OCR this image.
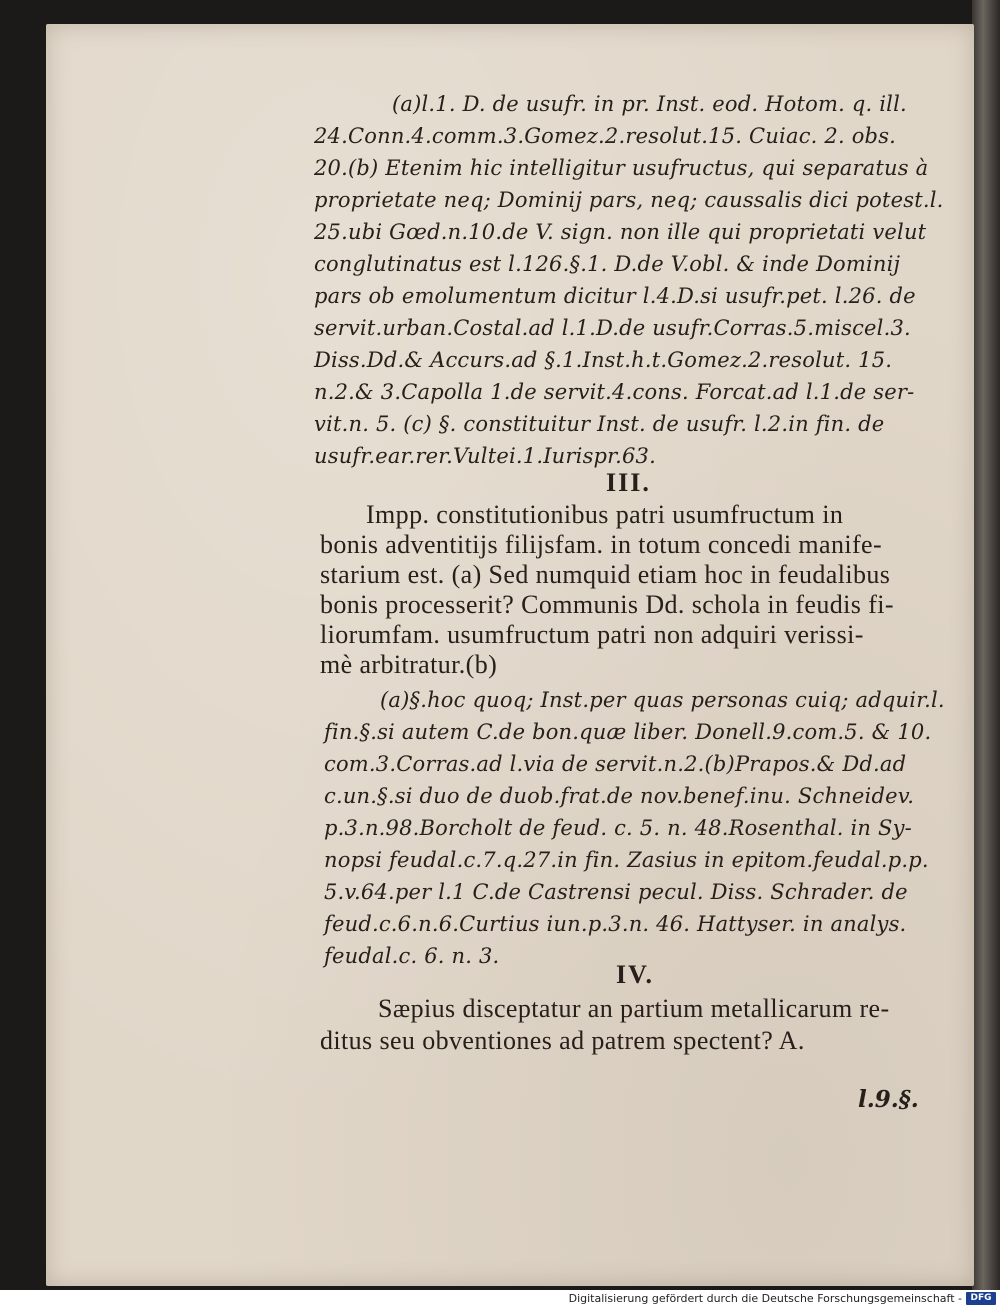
(a)l.1. D. de usufr. in pr. Inst. eod. Hotom. q. ill.
24.Conn.4.comm.3.Gomez.2.resolut.15. Cuiac. 2. obs.
20.(b) Etenim hic intelligitur usufructus, qui separatus à
proprietate neq; Dominij pars, neq; caussalis dici potest.l.
25.ubi Gœd.n.10.de V. sign. non ille qui proprietati velut
conglutinatus est l.126.§.1. D.de V.obl. & inde Dominij
pars ob emolumentum dicitur l.4.D.si usufr.pet. l.26. de
servit.urban.Costal.ad l.1.D.de usufr.Corras.5.miscel.3.
Diss.Dd.& Accurs.ad §.1.Inst.h.t.Gomez.2.resolut. 15.
n.2.& 3.Capolla 1.de servit.4.cons. Forcat.ad l.1.de ser-
vit.n. 5. (c) §. constituitur Inst. de usufr. l.2.in fin. de
usufr.ear.rer.Vultei.1.Iurispr.63.
III.
Impp. constitutionibus patri usumfructum in
bonis adventitijs filijsfam. in totum concedi manife-
starium est. (a) Sed numquid etiam hoc in feudalibus
bonis processerit? Communis Dd. schola in feudis fi-
liorumfam. usumfructum patri non adquiri verissi-
mè arbitratur.(b)
(a)§.hoc quoq; Inst.per quas personas cuiq; adquir.l.
fin.§.si autem C.de bon.quæ liber. Donell.9.com.5. & 10.
com.3.Corras.ad l.via de servit.n.2.(b)Prapos.& Dd.ad
c.un.§.si duo de duob.frat.de nov.benef.inu. Schneidev.
p.3.n.98.Borcholt de feud. c. 5. n. 48.Rosenthal. in Sy-
nopsi feudal.c.7.q.27.in fin. Zasius in epitom.feudal.p.p.
5.v.64.per l.1 C.de Castrensi pecul. Diss. Schrader. de
feud.c.6.n.6.Curtius iun.p.3.n. 46. Hattyser. in analys.
feudal.c. 6. n. 3.
IV.
Sæpius disceptatur an partium metallicarum re-
ditus seu obventiones ad patrem spectent? A.
l.9.§.
Digitalisierung gefördert durch die Deutsche Forschungsgemeinschaft - DFG
